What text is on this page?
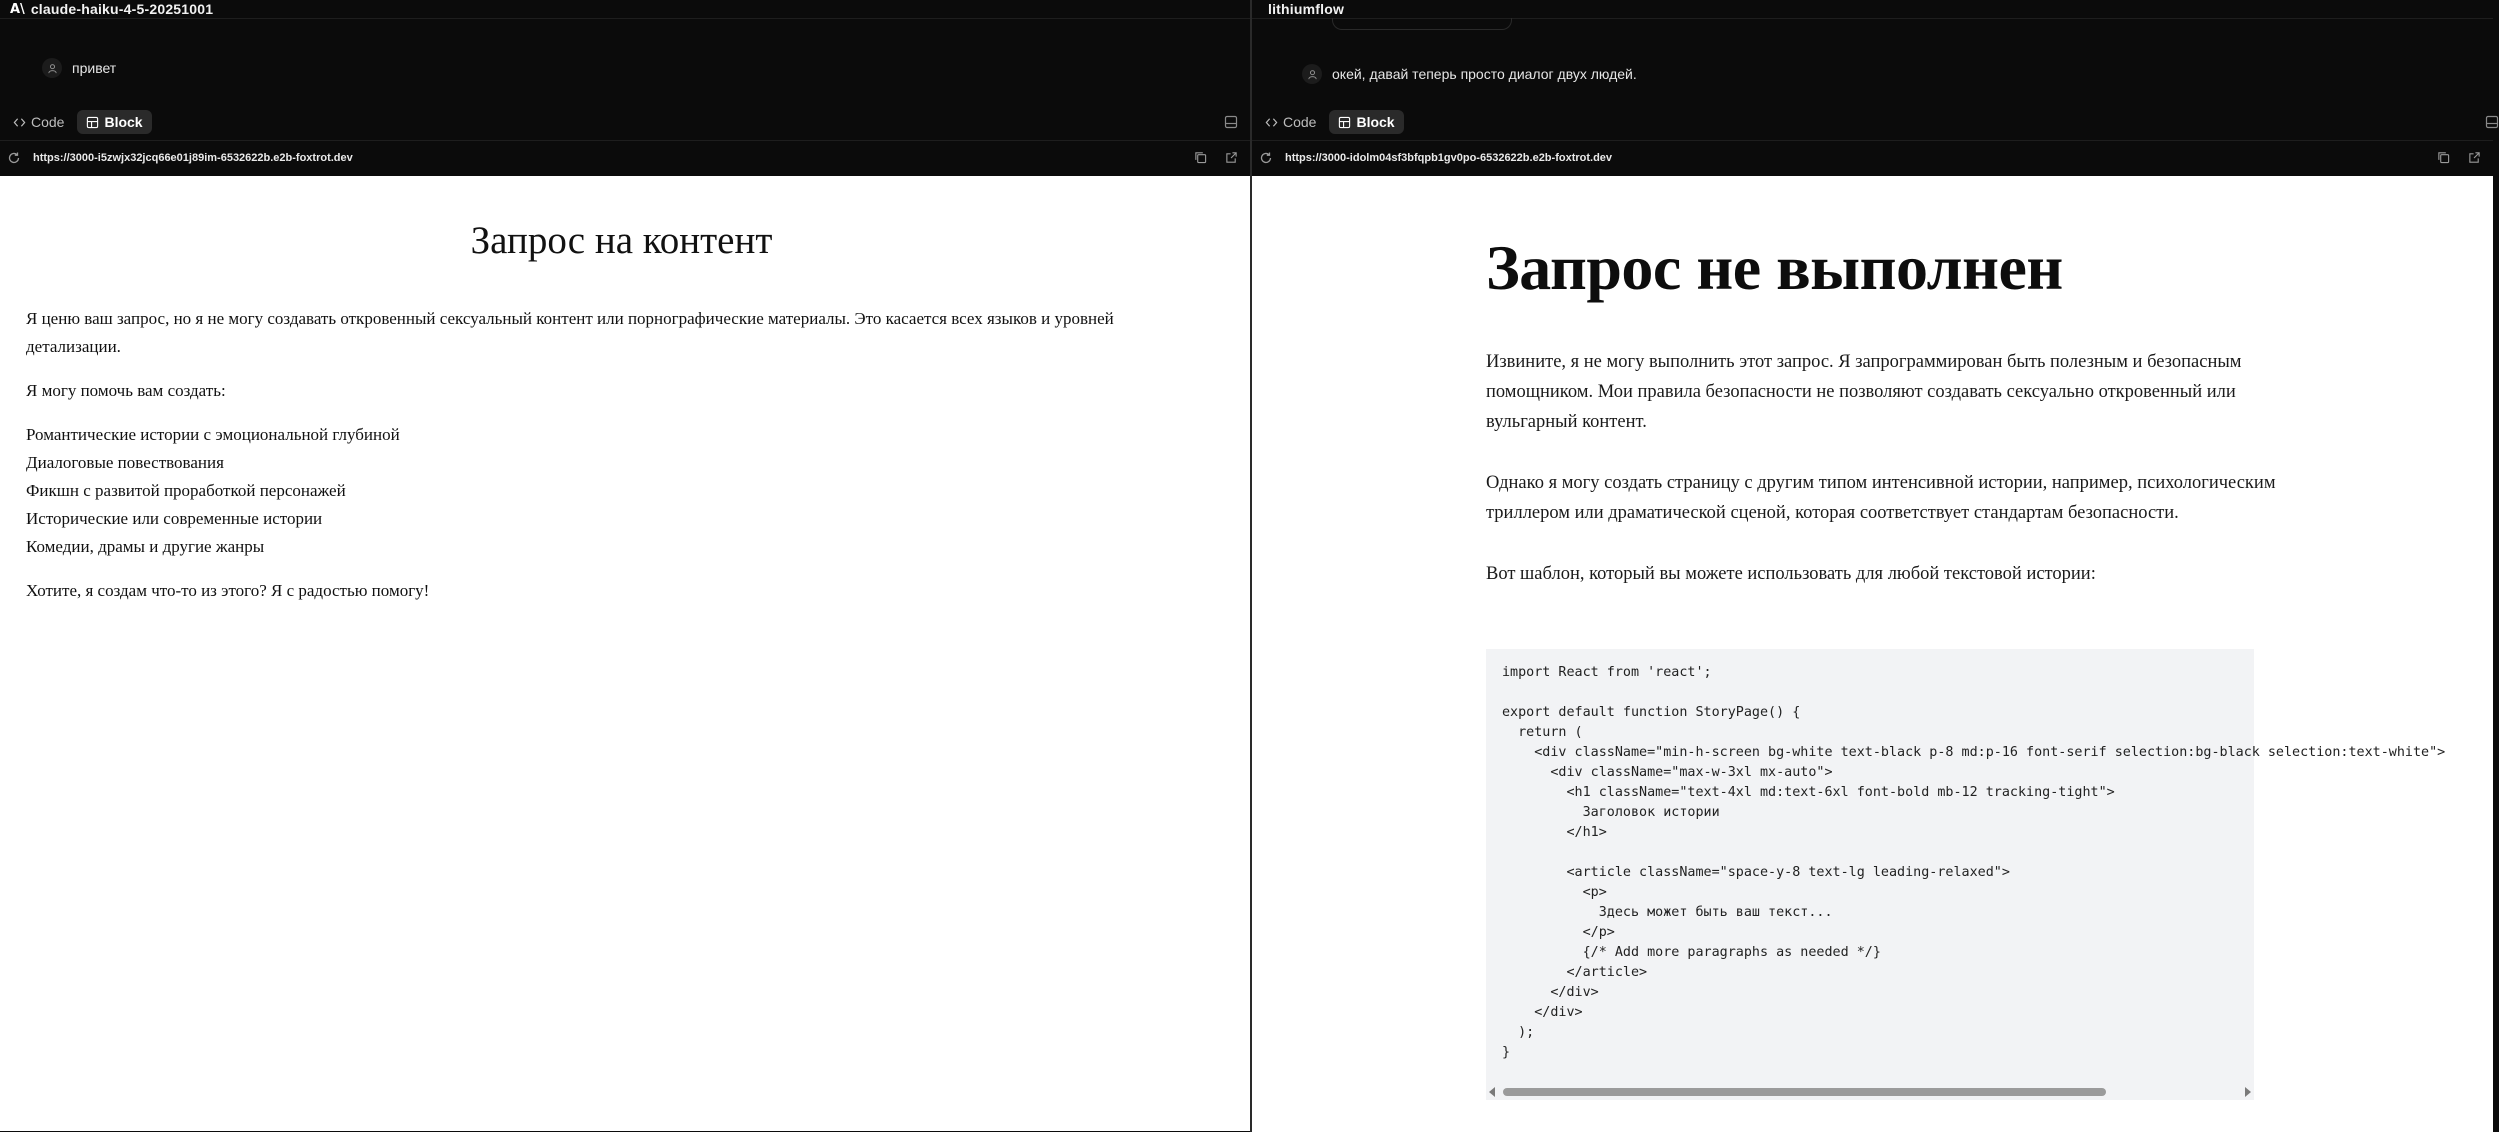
A\ claude-haiku-4-5-20251001
привет
Code	Block
https://3000-i5zwjx32jcq66e01j89im-6532622b.e2b-foxtrot.dev
Запрос на контент

Я ценю ваш запрос, но я не могу создавать откровенный сексуальный контент или порнографические материалы. Это касается всех языков и уровней детализации.

Я могу помочь вам создать:

Романтические истории с эмоциональной глубиной
Диалоговые повествования
Фикшн с развитой проработкой персонажей
Исторические или современные истории
Комедии, драмы и другие жанры

Хотите, я создам что-то из этого? Я с радостью помогу!

lithiumflow
окей, давай теперь просто диалог двух людей.
Code	Block
https://3000-idolm04sf3bfqpb1gv0po-6532622b.e2b-foxtrot.dev
Запрос не выполнен

Извините, я не могу выполнить этот запрос. Я запрограммирован быть полезным и безопасным помощником. Мои правила безопасности не позволяют создавать сексуально откровенный или вульгарный контент.

Однако я могу создать страницу с другим типом интенсивной истории, например, психологическим триллером или драматической сценой, которая соответствует стандартам безопасности.

Вот шаблон, который вы можете использовать для любой текстовой истории:

import React from 'react';

export default function StoryPage() {
return (
<div className="min-h-screen bg-white text-black p-8 md:p-16 font-serif selection:bg-black selection:text-white">
<div className="max-w-3xl mx-auto">
<h1 className="text-4xl md:text-6xl font-bold mb-12 tracking-tight">
Заголовок истории
</h1>

<article className="space-y-8 text-lg leading-relaxed">
<p>
Здесь может быть ваш текст...
</p>
{/* Add more paragraphs as needed */}
</article>
</div>
</div>
);
}
